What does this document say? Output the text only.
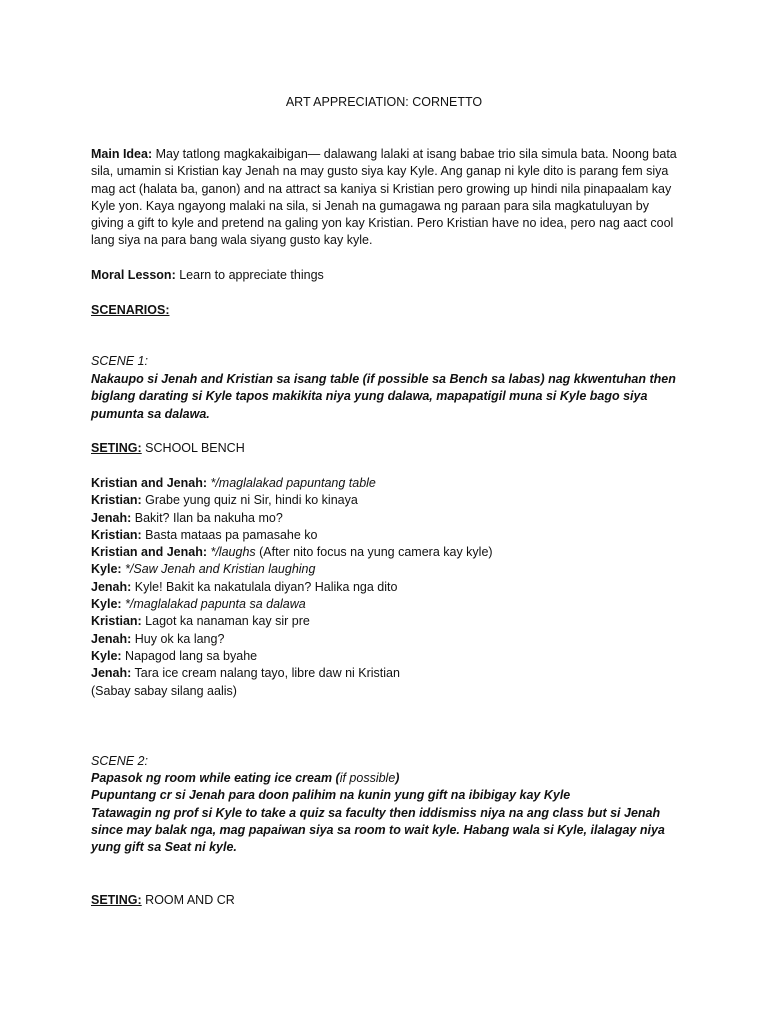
ART APPRECIATION: CORNETTO
Main Idea: May tatlong magkakaibigan— dalawang lalaki at isang babae trio sila simula bata. Noong bata sila, umamin si Kristian kay Jenah na may gusto siya kay Kyle. Ang ganap ni kyle dito is parang fem siya mag act (halata ba, ganon) and na attract sa kaniya si Kristian pero growing up hindi nila pinapaalam kay Kyle yon. Kaya ngayong malaki na sila, si Jenah na gumagawa ng paraan para sila magkatuluyan by giving a gift to kyle and pretend na galing yon kay Kristian. Pero Kristian have no idea, pero nag aact cool lang siya na para bang wala siyang gusto kay kyle.
Moral Lesson: Learn to appreciate things
SCENARIOS:
SCENE 1:
Nakaupo si Jenah and Kristian sa isang table (if possible sa Bench sa labas) nag kkwentuhan then biglang darating si Kyle tapos makikita niya yung dalawa, mapapatigil muna si Kyle bago siya pumunta sa dalawa.
SETING: SCHOOL BENCH
Kristian and Jenah: */maglalakad papuntang table
Kristian: Grabe yung quiz ni Sir, hindi ko kinaya
Jenah: Bakit? Ilan ba nakuha mo?
Kristian: Basta mataas pa pamasahe ko
Kristian and Jenah: */laughs (After nito focus na yung camera kay kyle)
Kyle: */Saw Jenah and Kristian laughing
Jenah: Kyle! Bakit ka nakatulala diyan? Halika nga dito
Kyle: */maglalakad papunta sa dalawa
Kristian: Lagot ka nanaman kay sir pre
Jenah: Huy ok ka lang?
Kyle: Napagod lang sa byahe
Jenah: Tara ice cream nalang tayo, libre daw ni Kristian
(Sabay sabay silang aalis)
SCENE 2:
Papasok ng room while eating ice cream (if possible)
Pupuntang cr si Jenah para doon palihim na kunin yung gift na ibibigay kay Kyle
Tatawagin ng prof si Kyle to take a quiz sa faculty then iddismiss niya na ang class but si Jenah since may balak nga, mag papaiwan siya sa room to wait kyle. Habang wala si Kyle, ilalagay niya yung gift sa Seat ni kyle.
SETING: ROOM AND CR
